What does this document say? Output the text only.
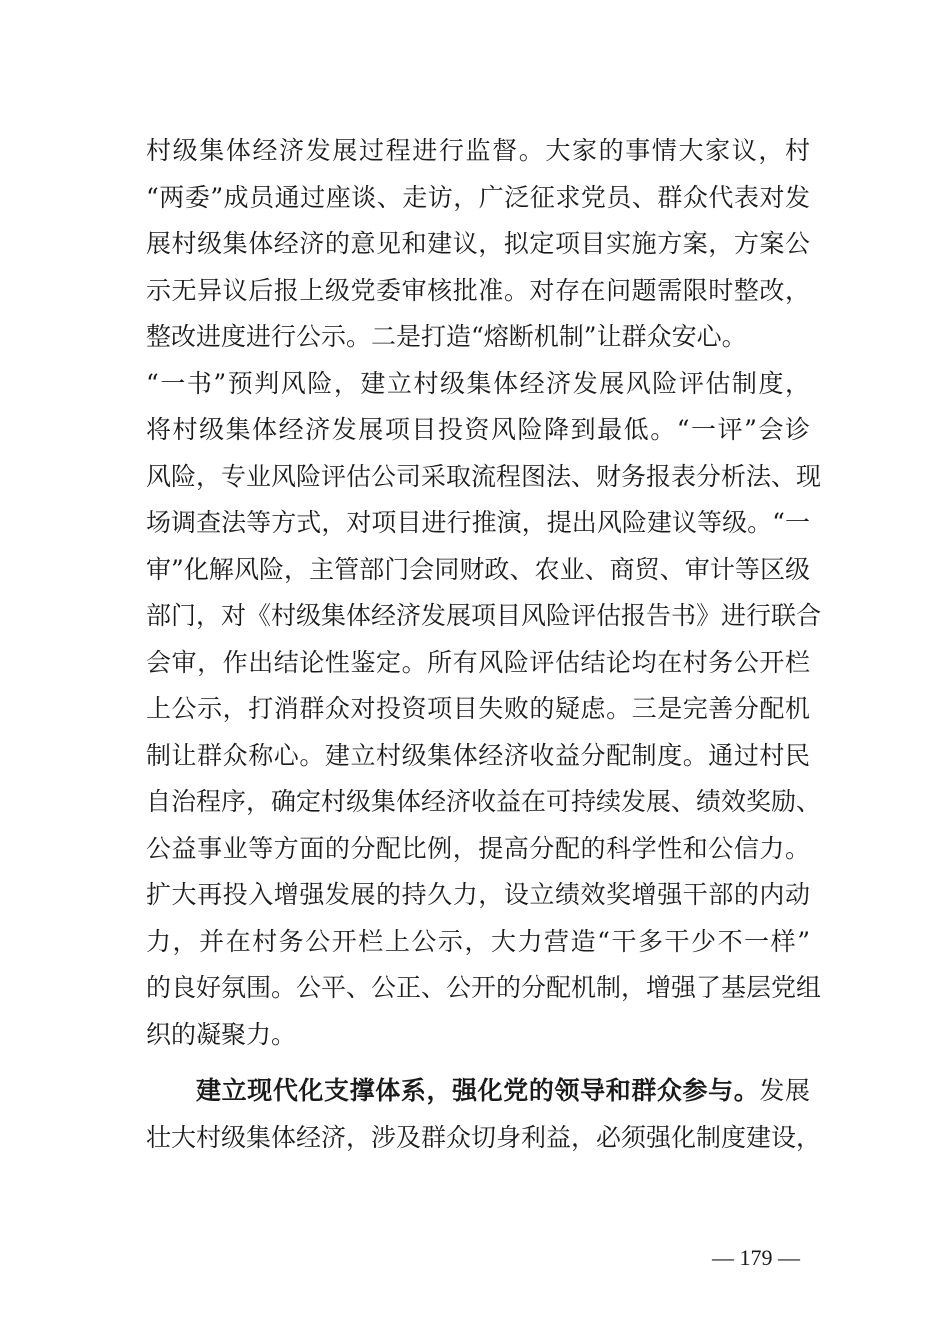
村级集体经济发展过程进行监督。大家的事情大家议，村
“两委”成员通过座谈、走访，广泛征求党员、群众代表对发
展村级集体经济的意见和建议，拟定项目实施方案，方案公
示无异议后报上级党委审核批准。对存在问题需限时整改，
整改进度进行公示。二是打造“熔断机制”让群众安心。
“一书”预判风险，建立村级集体经济发展风险评估制度，
将村级集体经济发展项目投资风险降到最低。“一评”会诊
风险，专业风险评估公司采取流程图法、财务报表分析法、现
场调查法等方式，对项目进行推演，提出风险建议等级。“一
审”化解风险，主管部门会同财政、农业、商贸、审计等区级
部门，对《村级集体经济发展项目风险评估报告书》进行联合
会审，作出结论性鉴定。所有风险评估结论均在村务公开栏
上公示，打消群众对投资项目失败的疑虑。三是完善分配机
制让群众称心。建立村级集体经济收益分配制度。通过村民
自治程序，确定村级集体经济收益在可持续发展、绩效奖励、
公益事业等方面的分配比例，提高分配的科学性和公信力。
扩大再投入增强发展的持久力，设立绩效奖增强干部的内动
力，并在村务公开栏上公示，大力营造“干多干少不一样”
的良好氛围。公平、公正、公开的分配机制，增强了基层党组
织的凝聚力。
建立现代化支撑体系，强化党的领导和群众参与。发展
壮大村级集体经济，涉及群众切身利益，必须强化制度建设，
— 179 —
